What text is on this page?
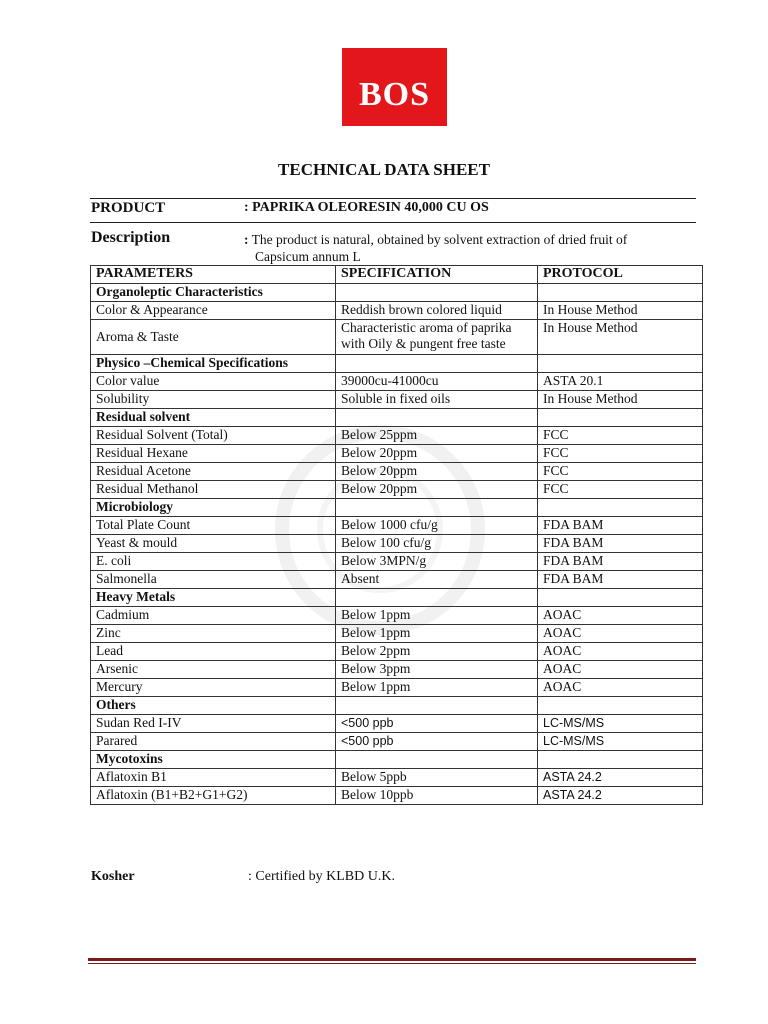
BOS
TECHNICAL DATA SHEET
PRODUCT	: PAPRIKA OLEORESIN 40,000 CU OS
Description	: The product is natural, obtained by solvent extraction of dried fruit of
Capsicum annum L
PARAMETERS	SPECIFICATION	PROTOCOL
Organoleptic Characteristics		
Color & Appearance	Reddish brown colored liquid	In House Method
Aroma & Taste	Characteristic aroma of paprika with Oily & pungent free taste	In House Method
Physico –Chemical Specifications		
Color value	39000cu-41000cu	ASTA 20.1
Solubility	Soluble in fixed oils	In House Method
Residual solvent		
Residual Solvent (Total)	Below 25ppm	FCC
Residual Hexane	Below 20ppm	FCC
Residual Acetone	Below 20ppm	FCC
Residual Methanol	Below 20ppm	FCC
Microbiology		
Total Plate Count	Below 1000 cfu/g	FDA BAM
Yeast & mould	Below 100 cfu/g	FDA BAM
E. coli	Below 3MPN/g	FDA BAM
Salmonella	Absent	FDA BAM
Heavy Metals		
Cadmium	Below 1ppm	AOAC
Zinc	Below 1ppm	AOAC
Lead	Below 2ppm	AOAC
Arsenic	Below 3ppm	AOAC
Mercury	Below 1ppm	AOAC
Others		
Sudan Red I-IV	<500 ppb	LC-MS/MS
Parared	<500 ppb	LC-MS/MS
Mycotoxins		
Aflatoxin B1	Below 5ppb	ASTA 24.2
Aflatoxin (B1+B2+G1+G2)	Below 10ppb	ASTA 24.2
Kosher	: Certified by KLBD U.K.
